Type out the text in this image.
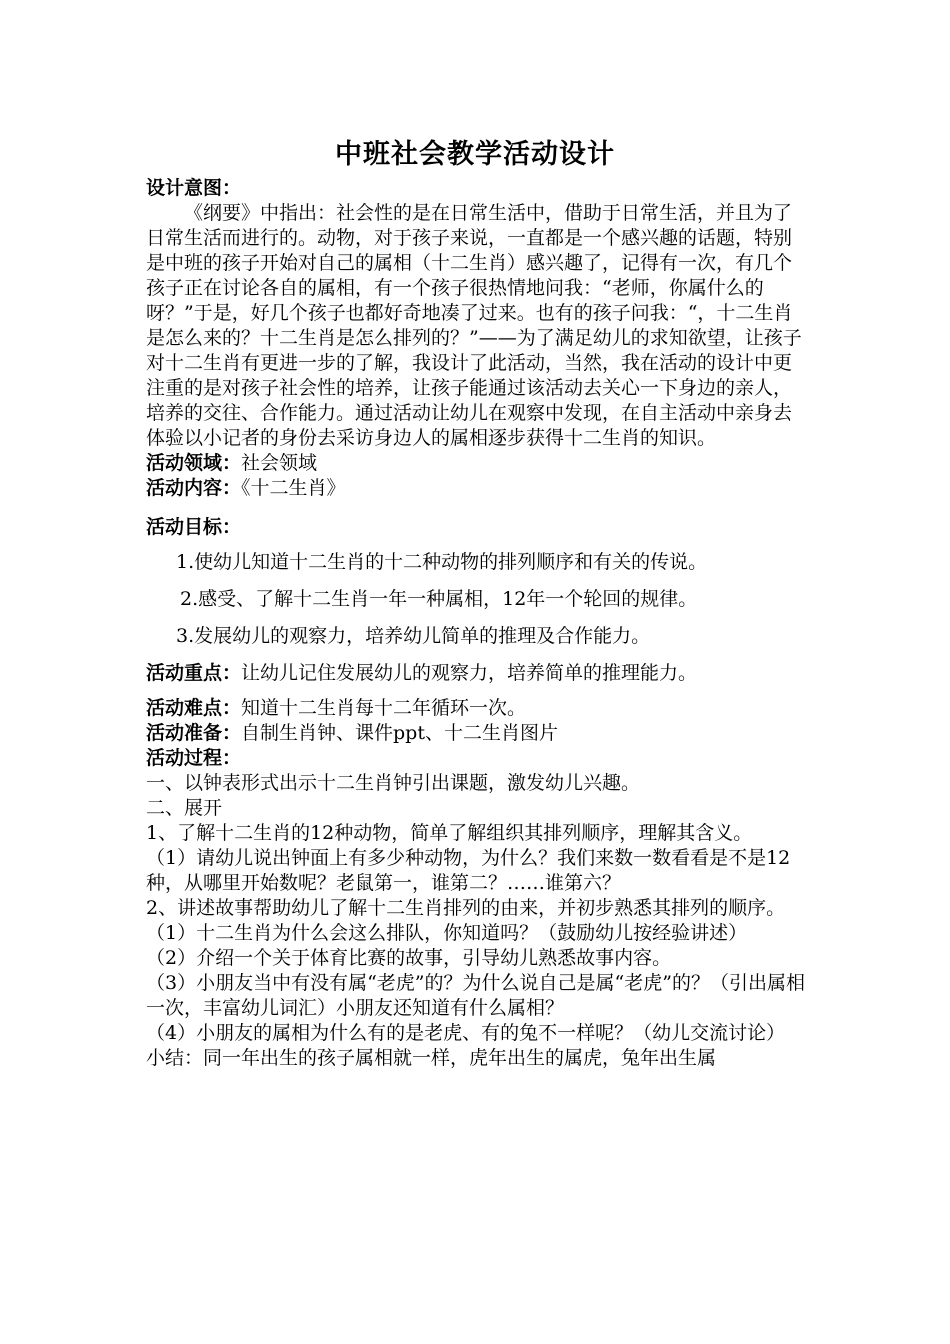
中班社会教学活动设计

设计意图：

《纲要》中指出：社会性的是在日常生活中，借助于日常生活，并且为了日常生活而进行的。动物，对于孩子来说，一直都是一个感兴趣的话题，特别是中班的孩子开始对自己的属相（十二生肖）感兴趣了，记得有一次，有几个孩子正在讨论各自的属相，有一个孩子很热情地问我：“老师，你属什么的呀？”于是，好几个孩子也都好奇地凑了过来。也有的孩子问我：“，十二生肖是怎么来的？十二生肖是怎么排列的？”——为了满足幼儿的求知欲望，让孩子对十二生肖有更进一步的了解，我设计了此活动，当然，我在活动的设计中更注重的是对孩子社会性的培养，让孩子能通过该活动去关心一下身边的亲人，培养的交往、合作能力。通过活动让幼儿在观察中发现，在自主活动中亲身去体验以小记者的身份去采访身边人的属相逐步获得十二生肖的知识。

活动领域：社会领域

活动内容：《十二生肖》

活动目标：

1.使幼儿知道十二生肖的十二种动物的排列顺序和有关的传说。

2.感受、了解十二生肖一年一种属相，12年一个轮回的规律。

3.发展幼儿的观察力，培养幼儿简单的推理及合作能力。

活动重点：让幼儿记住发展幼儿的观察力，培养简单的推理能力。

活动难点：知道十二生肖每十二年循环一次。

活动准备：自制生肖钟、课件ppt、十二生肖图片

活动过程：

一、以钟表形式出示十二生肖钟引出课题，激发幼儿兴趣。

二、展开

1、了解十二生肖的12种动物，简单了解组织其排列顺序，理解其含义。

（1）请幼儿说出钟面上有多少种动物，为什么？我们来数一数看看是不是12种，从哪里开始数呢？老鼠第一，谁第二？……谁第六？

2、讲述故事帮助幼儿了解十二生肖排列的由来，并初步熟悉其排列的顺序。

（1）十二生肖为什么会这么排队，你知道吗？（鼓励幼儿按经验讲述）

（2）介绍一个关于体育比赛的故事，引导幼儿熟悉故事内容。

（3）小朋友当中有没有属“老虎”的？为什么说自己是属“老虎”的？（引出属相一次，丰富幼儿词汇）小朋友还知道有什么属相？

（4）小朋友的属相为什么有的是老虎、有的兔不一样呢？（幼儿交流讨论）

小结：同一年出生的孩子属相就一样，虎年出生的属虎，兔年出生属
